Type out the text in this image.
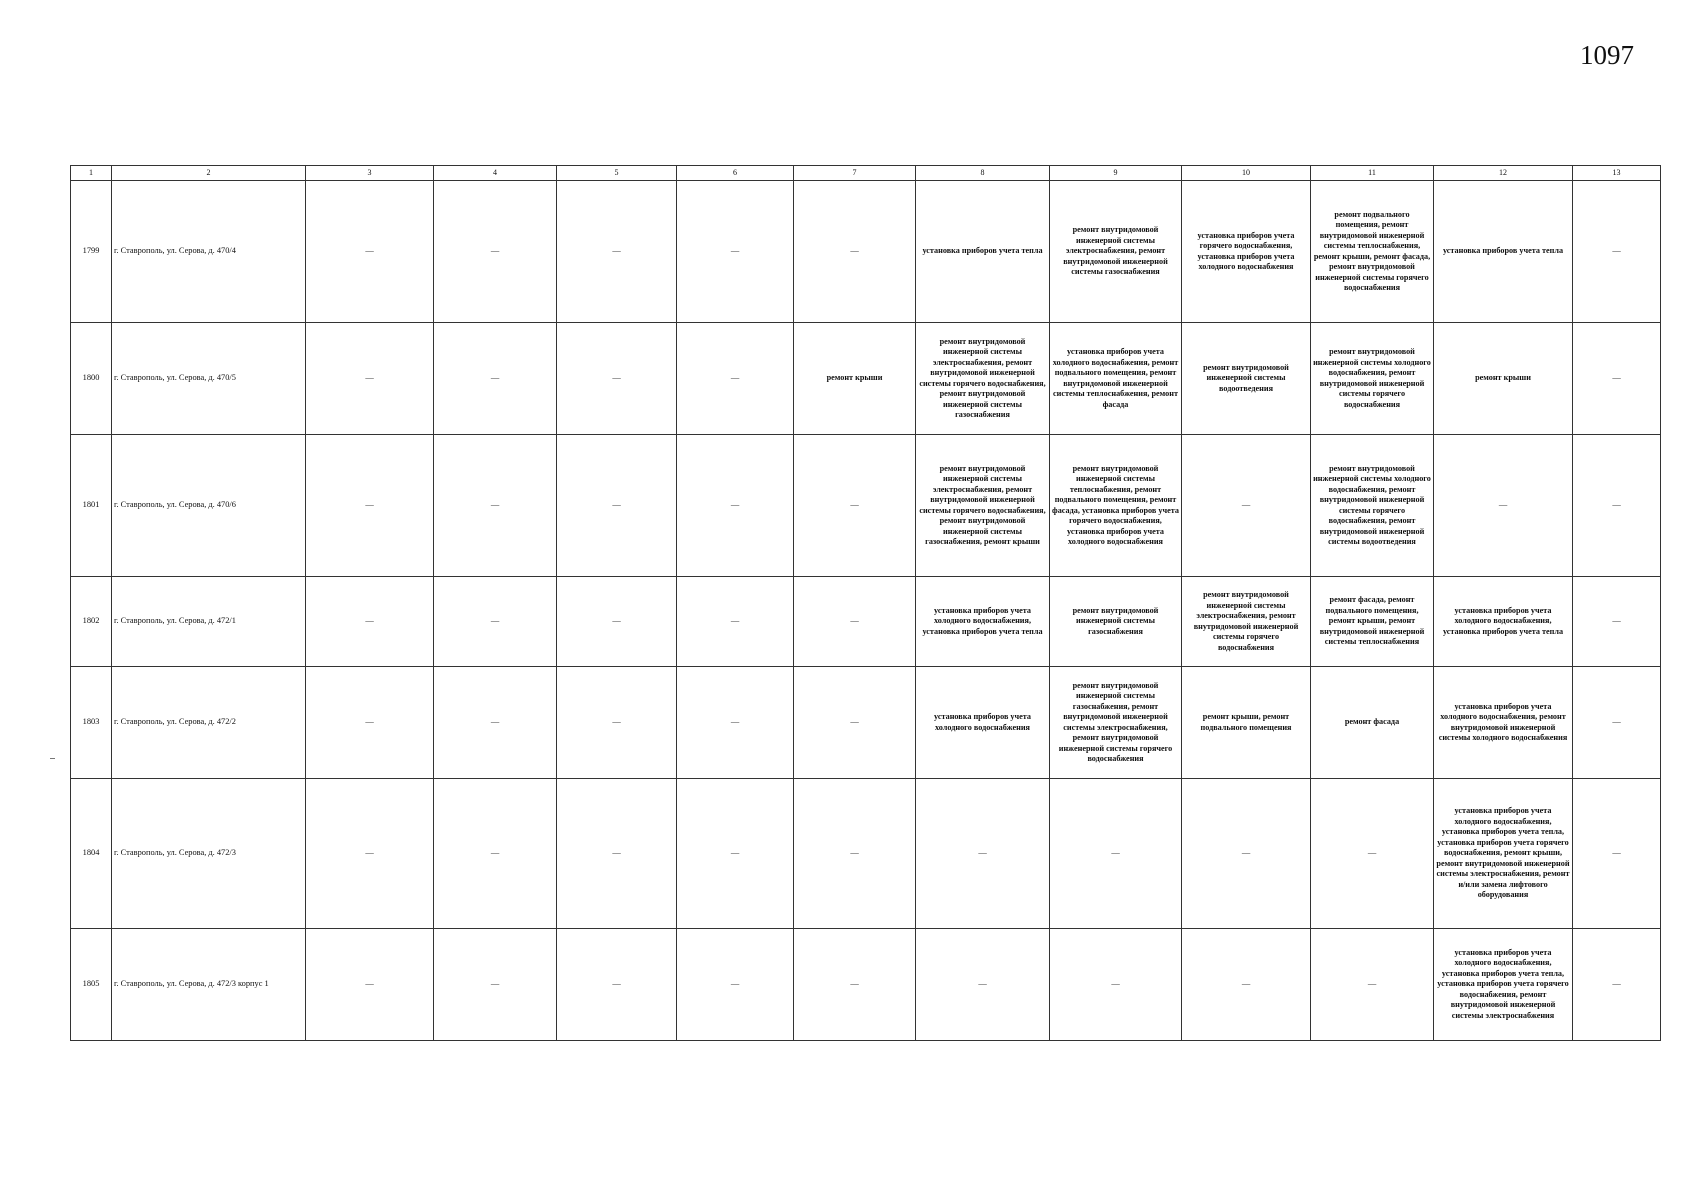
1097
1	2	3	4	5	6	7	8	9	10	11	12	13
1799	г. Ставрополь, ул. Серова, д. 470/4	—	—	—	—	—	установка приборов учета тепла	ремонт внутридомовой инженерной системы электроснабжения, ремонт внутридомовой инженерной системы газоснабжения	установка приборов учета горячего водоснабжения, установка приборов учета холодного водоснабжения	ремонт подвального помещения, ремонт внутридомовой инженерной системы теплоснабжения, ремонт крыши, ремонт фасада, ремонт внутридомовой инженерной системы горячего водоснабжения	установка приборов учета тепла	—
1800	г. Ставрополь, ул. Серова, д. 470/5	—	—	—	—	ремонт крыши	ремонт внутридомовой инженерной системы электроснабжения, ремонт внутридомовой инженерной системы горячего водоснабжения, ремонт внутридомовой инженерной системы газоснабжения	установка приборов учета холодного водоснабжения, ремонт подвального помещения, ремонт внутридомовой инженерной системы теплоснабжения, ремонт фасада	ремонт внутридомовой инженерной системы водоотведения	ремонт внутридомовой инженерной системы холодного водоснабжения, ремонт внутридомовой инженерной системы горячего водоснабжения	ремонт крыши	—
1801	г. Ставрополь, ул. Серова, д. 470/6	—	—	—	—	—	ремонт внутридомовой инженерной системы электроснабжения, ремонт внутридомовой инженерной системы горячего водоснабжения, ремонт внутридомовой инженерной системы газоснабжения, ремонт крыши	ремонт внутридомовой инженерной системы теплоснабжения, ремонт подвального помещения, ремонт фасада, установка приборов учета горячего водоснабжения, установка приборов учета холодного водоснабжения	—	ремонт внутридомовой инженерной системы холодного водоснабжения, ремонт внутридомовой инженерной системы горячего водоснабжения, ремонт внутридомовой инженерной системы водоотведения	—	—
1802	г. Ставрополь, ул. Серова, д. 472/1	—	—	—	—	—	установка приборов учета холодного водоснабжения, установка приборов учета тепла	ремонт внутридомовой инженерной системы газоснабжения	ремонт внутридомовой инженерной системы электроснабжения, ремонт внутридомовой инженерной системы горячего водоснабжения	ремонт фасада, ремонт подвального помещения, ремонт крыши, ремонт внутридомовой инженерной системы теплоснабжения	установка приборов учета холодного водоснабжения, установка приборов учета тепла	—
1803	г. Ставрополь, ул. Серова, д. 472/2	—	—	—	—	—	установка приборов учета холодного водоснабжения	ремонт внутридомовой инженерной системы газоснабжения, ремонт внутридомовой инженерной системы электроснабжения, ремонт внутридомовой инженерной системы горячего водоснабжения	ремонт крыши, ремонт подвального помещения	ремонт фасада	установка приборов учета холодного водоснабжения, ремонт внутридомовой инженерной системы холодного водоснабжения	—
1804	г. Ставрополь, ул. Серова, д. 472/3	—	—	—	—	—	—	—	—	—	установка приборов учета холодного водоснабжения, установка приборов учета тепла, установка приборов учета горячего водоснабжения, ремонт крыши, ремонт внутридомовой инженерной системы электроснабжения, ремонт и/или замена лифтового оборудования	—
1805	г. Ставрополь, ул. Серова, д. 472/3 корпус 1	—	—	—	—	—	—	—	—	—	установка приборов учета холодного водоснабжения, установка приборов учета тепла, установка приборов учета горячего водоснабжения, ремонт внутридомовой инженерной системы электроснабжения	—
